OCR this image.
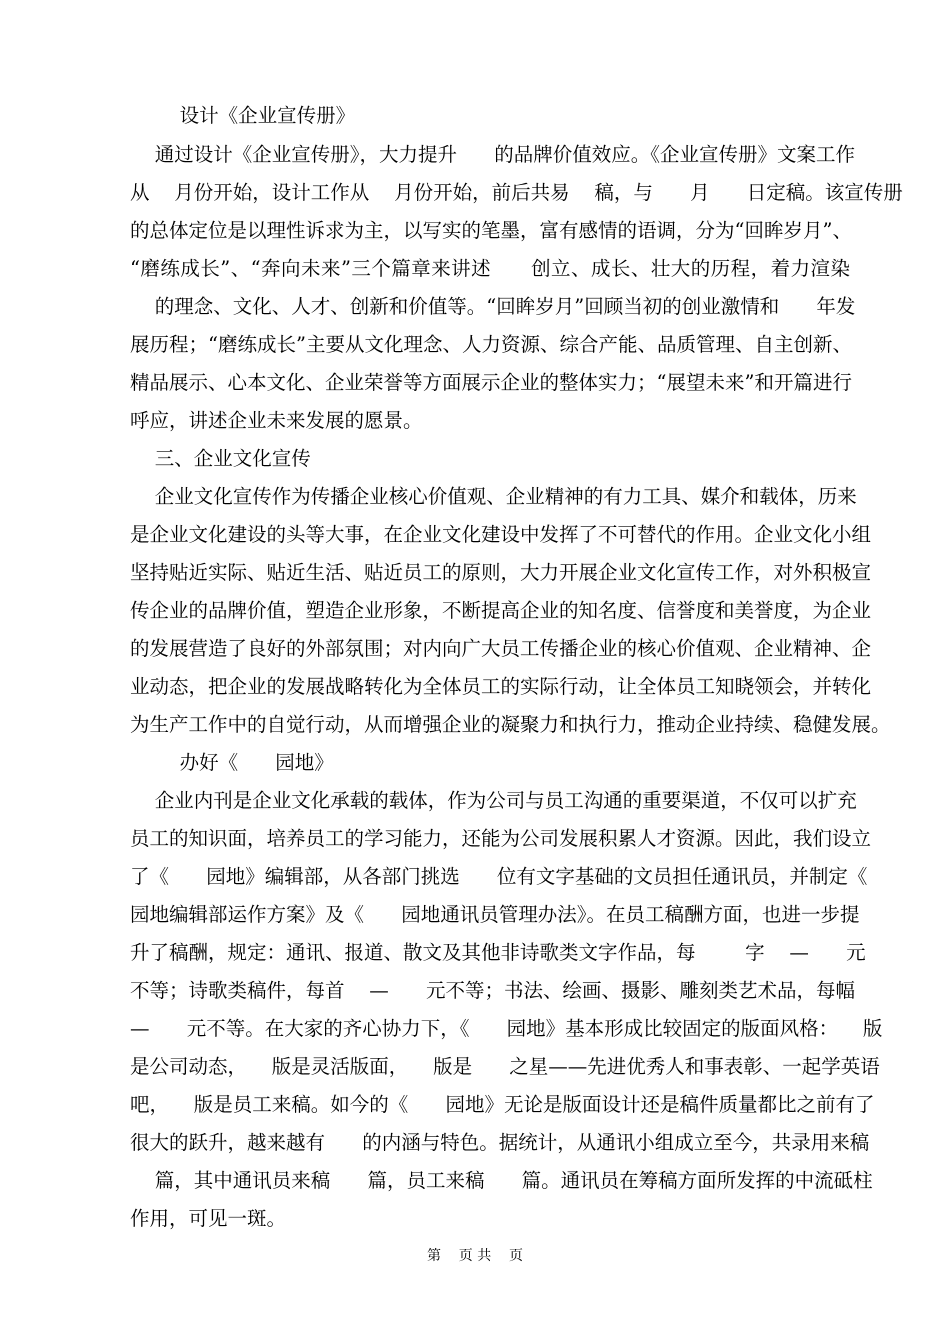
设计《企业宣传册》
通过设计《企业宣传册》，大力提升      的品牌价值效应。《企业宣传册》文案工作
从    月份开始，设计工作从    月份开始，前后共易    稿，与      月      日定稿。该宣传册
的总体定位是以理性诉求为主，以写实的笔墨，富有感情的语调，分为“回眸岁月”、
“磨练成长”、“奔向未来”三个篇章来讲述      创立、成长、壮大的历程，着力渲染
的理念、文化、人才、创新和价值等。“回眸岁月”回顾当初的创业激情和      年发
展历程；“磨练成长”主要从文化理念、人力资源、综合产能、品质管理、自主创新、
精品展示、心本文化、企业荣誉等方面展示企业的整体实力；“展望未来”和开篇进行
呼应，讲述企业未来发展的愿景。
三、企业文化宣传
企业文化宣传作为传播企业核心价值观、企业精神的有力工具、媒介和载体，历来
是企业文化建设的头等大事，在企业文化建设中发挥了不可替代的作用。企业文化小组
坚持贴近实际、贴近生活、贴近员工的原则，大力开展企业文化宣传工作，对外积极宣
传企业的品牌价值，塑造企业形象，不断提高企业的知名度、信誉度和美誉度，为企业
的发展营造了良好的外部氛围；对内向广大员工传播企业的核心价值观、企业精神、企
业动态，把企业的发展战略转化为全体员工的实际行动，让全体员工知晓领会，并转化
为生产工作中的自觉行动，从而增强企业的凝聚力和执行力，推动企业持续、稳健发展。
办好《      园地》
企业内刊是企业文化承载的载体，作为公司与员工沟通的重要渠道，不仅可以扩充
员工的知识面，培养员工的学习能力，还能为公司发展积累人才资源。因此，我们设立
了《      园地》编辑部，从各部门挑选      位有文字基础的文员担任通讯员，并制定《
园地编辑部运作方案》及《      园地通讯员管理办法》。在员工稿酬方面，也进一步提
升了稿酬，规定：通讯、报道、散文及其他非诗歌类文字作品，每        字    —      元
不等；诗歌类稿件，每首    —      元不等；书法、绘画、摄影、雕刻类艺术品，每幅
—      元不等。在大家的齐心协力下，《      园地》基本形成比较固定的版面风格：    版
是公司动态，    版是灵活版面，    版是      之星——先进优秀人和事表彰、一起学英语
吧，    版是员工来稿。如今的《      园地》无论是版面设计还是稿件质量都比之前有了
很大的跃升，越来越有      的内涵与特色。据统计，从通讯小组成立至今，共录用来稿
篇，其中通讯员来稿      篇，员工来稿      篇。通讯员在筹稿方面所发挥的中流砥柱
作用，可见一斑。
第    页 共    页
